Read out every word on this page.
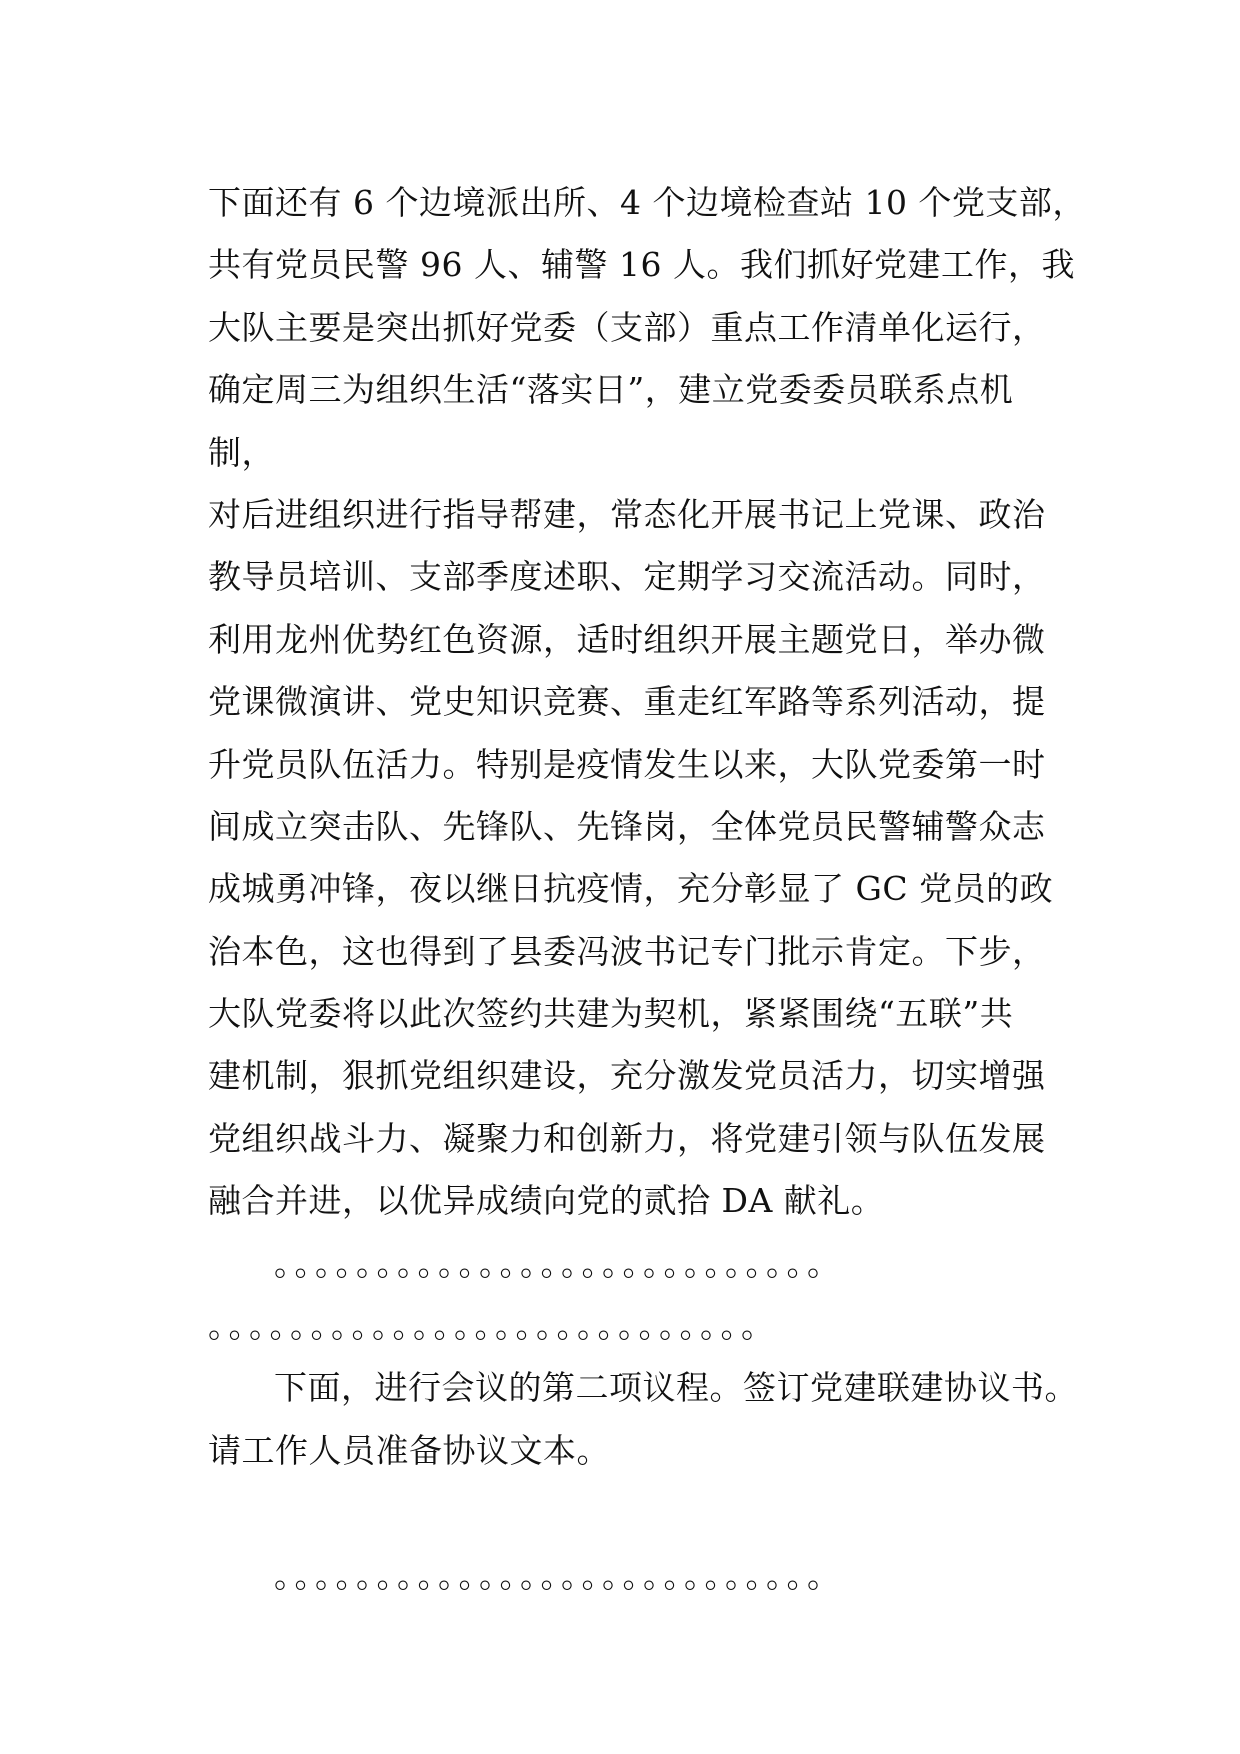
下面还有 6 个边境派出所、4 个边境检查站 10 个党支部，
共有党员民警 96 人、辅警 16 人。我们抓好党建工作，我
大队主要是突出抓好党委（支部）重点工作清单化运行，
确定周三为组织生活“落实日”，建立党委委员联系点机
制，
对后进组织进行指导帮建，常态化开展书记上党课、政治
教导员培训、支部季度述职、定期学习交流活动。同时，
利用龙州优势红色资源，适时组织开展主题党日，举办微
党课微演讲、党史知识竞赛、重走红军路等系列活动，提
升党员队伍活力。特别是疫情发生以来，大队党委第一时
间成立突击队、先锋队、先锋岗，全体党员民警辅警众志
成城勇冲锋，夜以继日抗疫情，充分彰显了 GC 党员的政
治本色，这也得到了县委冯波书记专门批示肯定。下步，
大队党委将以此次签约共建为契机，紧紧围绕“五联”共
建机制，狠抓党组织建设，充分激发党员活力，切实增强
党组织战斗力、凝聚力和创新力，将党建引领与队伍发展
融合并进，以优异成绩向党的贰拾 DA 献礼。
。。。。。。。。。。。。。。。。。。。。。。。。。。。
。。。。。。。。。。。。。。。。。。。。。。。。。。。
下面，进行会议的第二项议程。签订党建联建协议书。
请工作人员准备协议文本。
。。。。。。。。。。。。。。。。。。。。。。。。。。。
